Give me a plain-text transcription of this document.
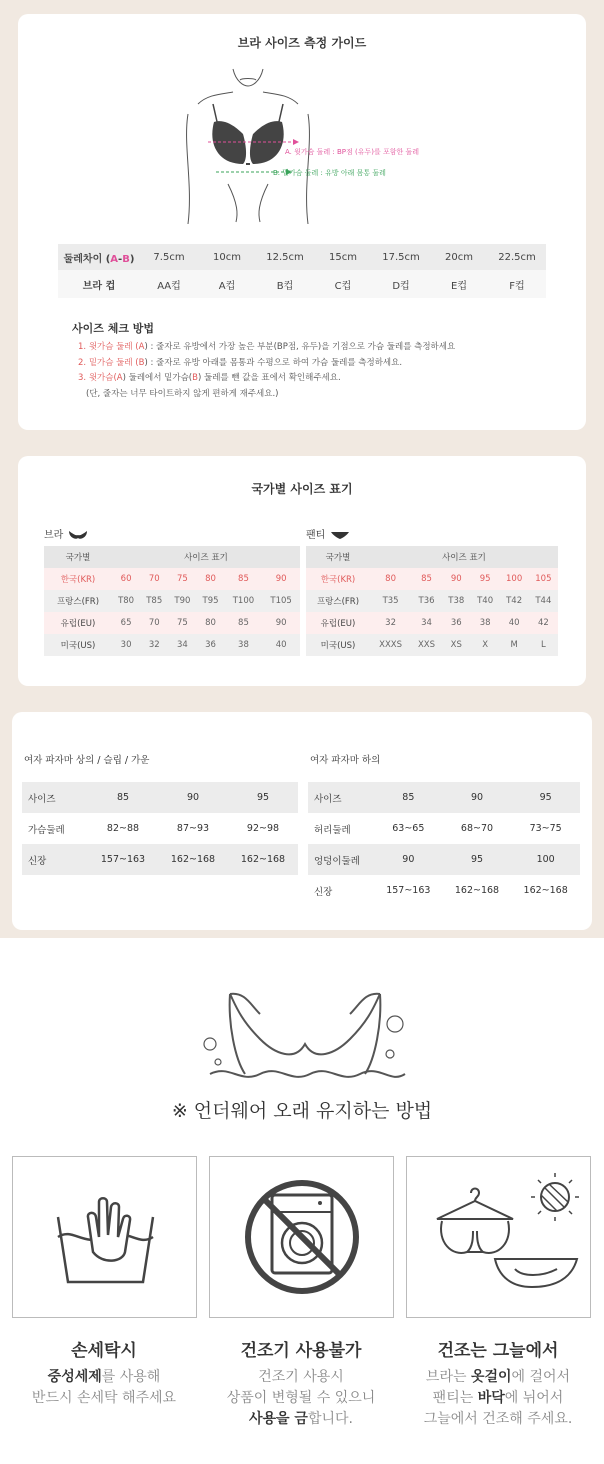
브라 사이즈 측정 가이드
A. 윗가슴 둘레 : BP점 (유두)를 포함한 둘레
B. 밑가슴 둘레 : 유방 아래 몸통 둘레
둘레차이 (A-B)	7.5cm	10cm	12.5cm	15cm	17.5cm	20cm	22.5cm
브라 컵	AA컵	A컵	B컵	C컵	D컵	E컵	F컵
사이즈 체크 방법
1. 윗가슴 둘레 (A) : 줄자로 유방에서 가장 높은 부분(BP점, 유두)을 기점으로 가슴 둘레를 측정하세요
2. 밑가슴 둘레 (B) : 줄자로 유방 아래를 몸통과 수평으로 하여 가슴 둘레를 측정하세요.
3. 윗가슴(A) 둘레에서 밑가슴(B) 둘레를 뺀 값을 표에서 확인해주세요.
(단, 줄자는 너무 타이트하지 않게 편하게 재주세요.)
국가별 사이즈 표기
브라
국가별	사이즈 표기					
한국(KR)	60	70	75	80	85	90
프랑스(FR)	T80	T85	T90	T95	T100	T105
유럽(EU)	65	70	75	80	85	90
미국(US)	30	32	34	36	38	40
팬티
국가별	사이즈 표기					
한국(KR)	80	85	90	95	100	105
프랑스(FR)	T35	T36	T38	T40	T42	T44
유럽(EU)	32	34	36	38	40	42
미국(US)	XXXS	XXS	XS	X	M	L
여자 파자마 상의 / 슬립 / 가운
사이즈	85	90	95
가슴둘레	82~88	87~93	92~98
신장	157~163	162~168	162~168
여자 파자마 하의
사이즈	85	90	95
허리둘레	63~65	68~70	73~75
엉덩이둘레	90	95	100
신장	157~163	162~168	162~168
※ 언더웨어 오래 유지하는 방법
손세탁시
중성세제를 사용해
반드시 손세탁 해주세요
건조기 사용불가
건조기 사용시
상품이 변형될 수 있으니
사용을 금합니다.
건조는 그늘에서
브라는 옷걸이에 걸어서
팬티는 바닥에 뉘어서
그늘에서 건조해 주세요.
